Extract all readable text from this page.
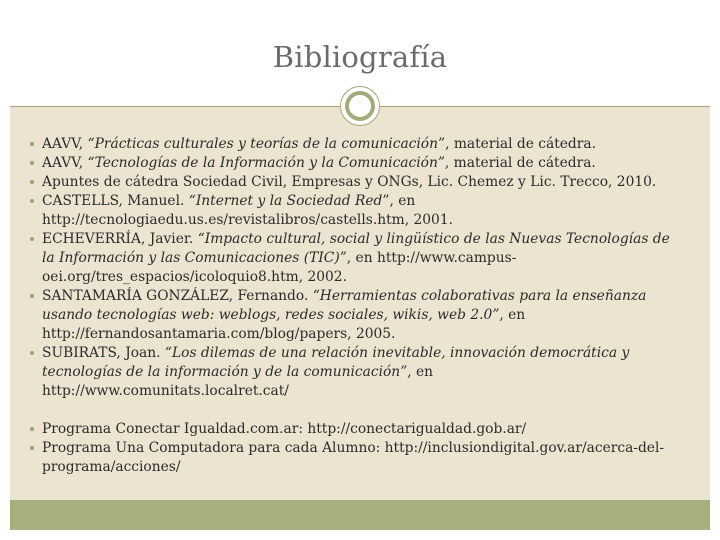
Bibliografía
AAVV, “Prácticas culturales y teorías de la comunicación”, material de cátedra.
AAVV, “Tecnologías de la Información y la Comunicación”, material de cátedra.
Apuntes de cátedra Sociedad Civil, Empresas y ONGs, Lic. Chemez y Lic. Trecco, 2010.
CASTELLS, Manuel. “Internet y la Sociedad Red”, en http://tecnologiaedu.us.es/revistalibros/castells.htm, 2001.
ECHEVERRÍA, Javier. “Impacto cultural, social y lingüístico de las Nuevas Tecnologías de la Información y las Comunicaciones (TIC)”, en http://www.campus-oei.org/tres_espacios/icoloquio8.htm, 2002.
SANTAMARÍA GONZÁLEZ, Fernando. “Herramientas colaborativas para la enseñanza usando tecnologías web: weblogs, redes sociales, wikis, web 2.0”, en http://fernandosantamaria.com/blog/papers, 2005.
SUBIRATS, Joan. “Los dilemas de una relación inevitable, innovación democrática y tecnologías de la información y de la comunicación”, en http://www.comunitats.localret.cat/
Programa Conectar Igualdad.com.ar: http://conectarigualdad.gob.ar/
Programa Una Computadora para cada Alumno: http://inclusiondigital.gov.ar/acerca-del-programa/acciones/
